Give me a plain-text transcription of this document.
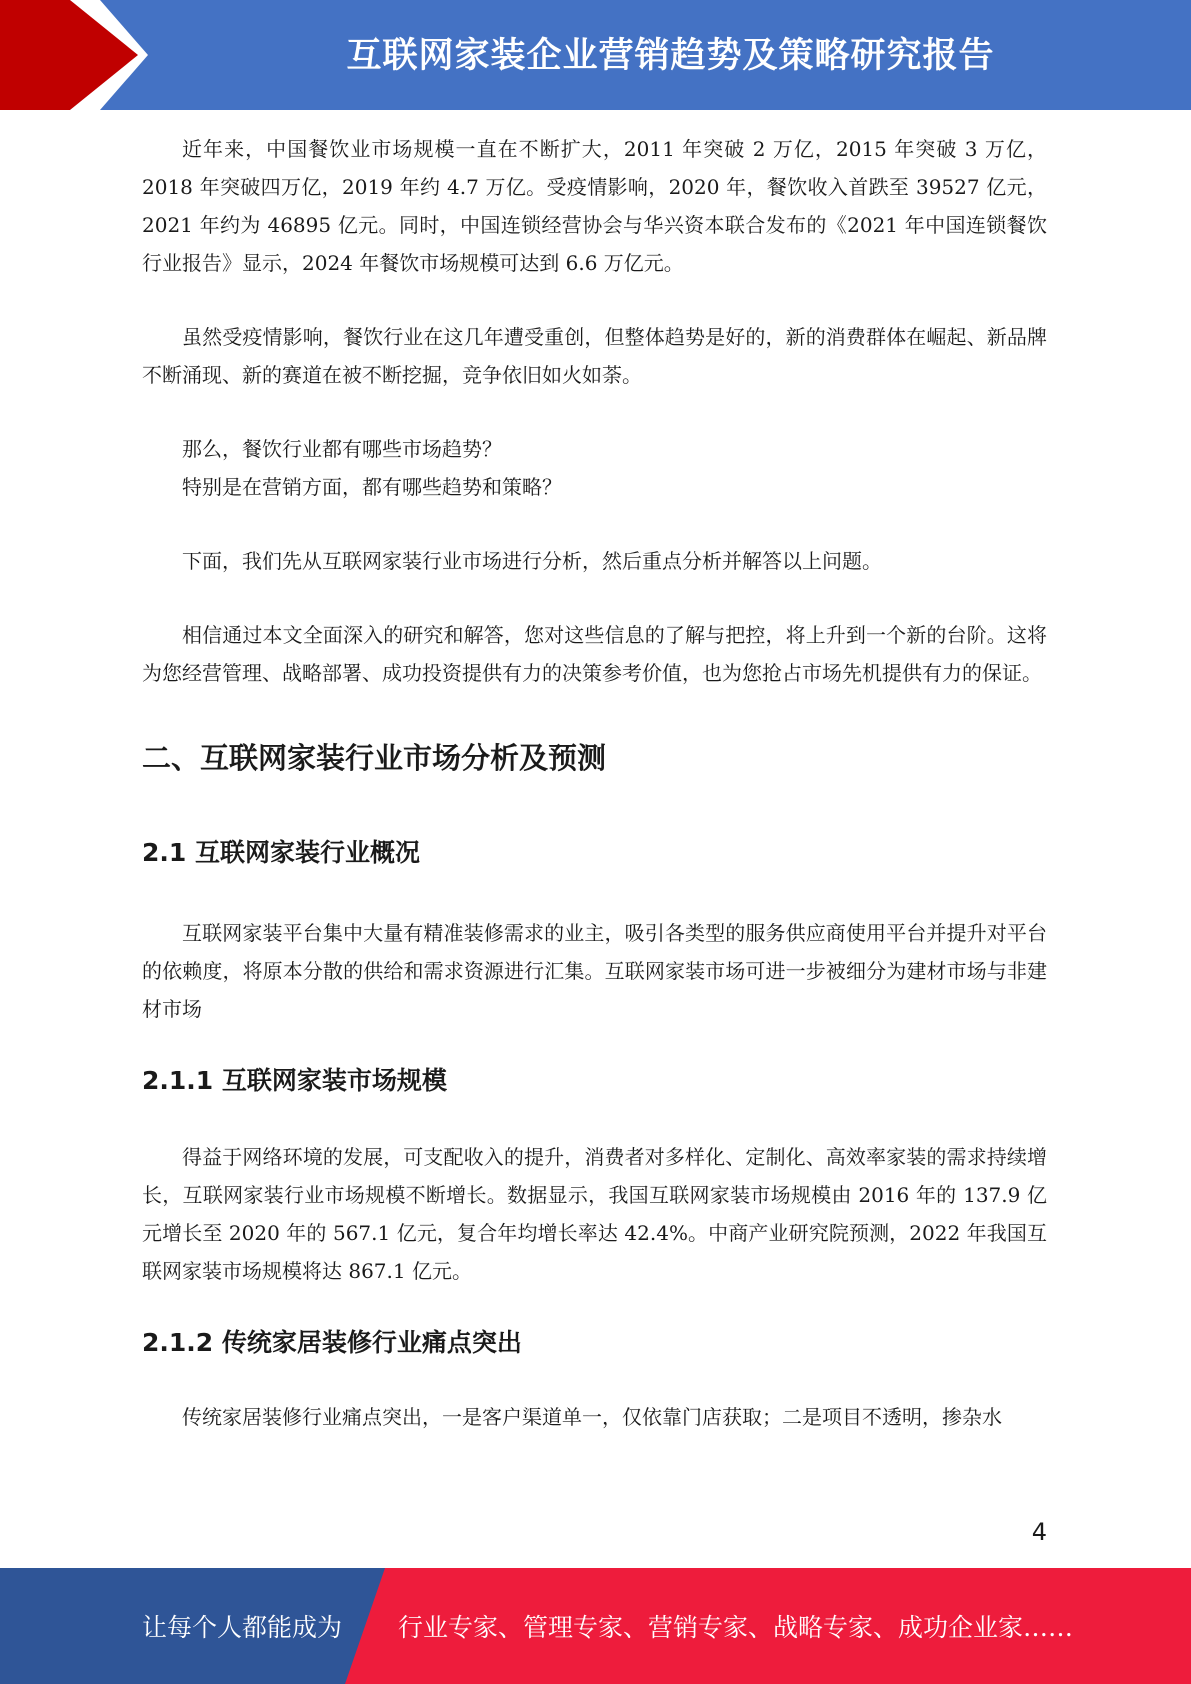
互联网家装企业营销趋势及策略研究报告

近年来，中国餐饮业市场规模一直在不断扩大，2011 年突破 2 万亿，2015 年突破 3 万亿，2018 年突破四万亿，2019 年约 4.7 万亿。受疫情影响，2020 年，餐饮收入首跌至 39527 亿元，2021 年约为 46895 亿元。同时，中国连锁经营协会与华兴资本联合发布的《2021 年中国连锁餐饮行业报告》显示，2024 年餐饮市场规模可达到 6.6 万亿元。

虽然受疫情影响，餐饮行业在这几年遭受重创，但整体趋势是好的，新的消费群体在崛起、新品牌不断涌现、新的赛道在被不断挖掘，竞争依旧如火如荼。

那么，餐饮行业都有哪些市场趋势？

特别是在营销方面，都有哪些趋势和策略？

下面，我们先从互联网家装行业市场进行分析，然后重点分析并解答以上问题。

相信通过本文全面深入的研究和解答，您对这些信息的了解与把控，将上升到一个新的台阶。这将为您经营管理、战略部署、成功投资提供有力的决策参考价值，也为您抢占市场先机提供有力的保证。

二、互联网家装行业市场分析及预测
2.1 互联网家装行业概况

互联网家装平台集中大量有精准装修需求的业主，吸引各类型的服务供应商使用平台并提升对平台的依赖度，将原本分散的供给和需求资源进行汇集。互联网家装市场可进一步被细分为建材市场与非建材市场

2.1.1 互联网家装市场规模

得益于网络环境的发展，可支配收入的提升，消费者对多样化、定制化、高效率家装的需求持续增长，互联网家装行业市场规模不断增长。数据显示，我国互联网家装市场规模由 2016 年的 137.9 亿元增长至 2020 年的 567.1 亿元，复合年均增长率达 42.4%。中商产业研究院预测，2022 年我国互联网家装市场规模将达 867.1 亿元。

2.1.2 传统家居装修行业痛点突出

传统家居装修行业痛点突出，一是客户渠道单一，仅依靠门店获取；二是项目不透明，掺杂水

4
让每个人都能成为 行业专家、管理专家、营销专家、战略专家、成功企业家……
